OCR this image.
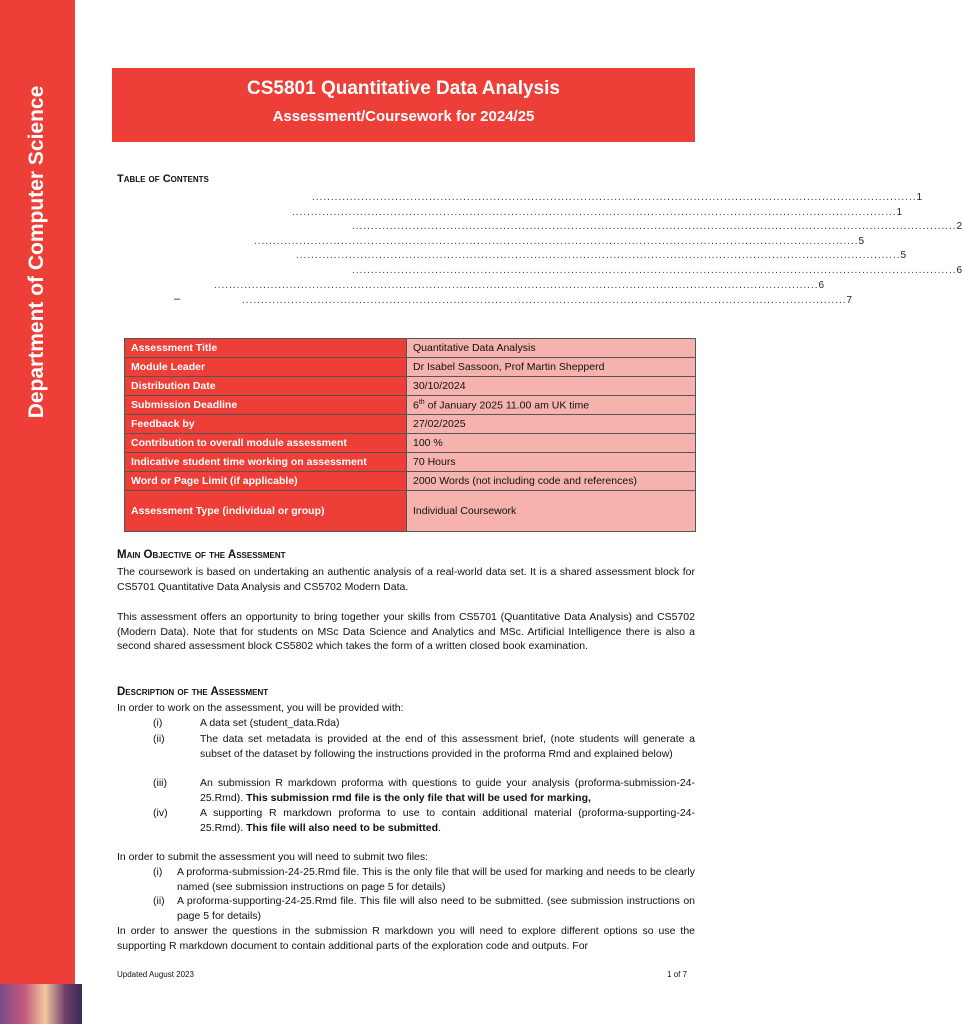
Department of Computer Science	CS5801 Quantitative Data Analysis
Assessment/Coursework for 2024/25
Table of Contents
................................................................................................................................................................ 1
................................................................................................................................................................ 1
................................................................................................................................................................ 2
................................................................................................................................................................ 5
................................................................................................................................................................ 5
................................................................................................................................................................ 6
................................................................................................................................................................ 6
–	................................................................................................................................................................ 7
Assessment Title	Quantitative Data Analysis
Module Leader	Dr Isabel Sassoon, Prof Martin Shepperd
Distribution Date	30/10/2024
Submission Deadline	6th of January 2025 11.00 am UK time
Feedback by	27/02/2025
Contribution to overall module assessment	100 %
Indicative student time working on assessment	70 Hours
Word or Page Limit (if applicable)	2000 Words (not including code and references)
Assessment Type (individual or group)	Individual Coursework
Main Objective of the Assessment
The coursework is based on undertaking an authentic analysis of a real-world data set. It is a shared assessment block for CS5701 Quantitative Data Analysis and CS5702 Modern Data.
This assessment offers an opportunity to bring together your skills from CS5701 (Quantitative Data Analysis) and CS5702 (Modern Data). Note that for students on MSc Data Science and Analytics and MSc. Artificial Intelligence there is also a second shared assessment block CS5802 which takes the form of a written closed book examination.
Description of the Assessment
In order to work on the assessment, you will be provided with:
(i)	A data set (student_data.Rda)
(ii)	The data set metadata is provided at the end of this assessment brief, (note students will generate a subset of the dataset by following the instructions provided in the proforma Rmd and explained below)
(iii)	An submission R markdown proforma with questions to guide your analysis (proforma-submission-24-25.Rmd). This submission rmd file is the only file that will be used for marking,
(iv)	A supporting R markdown proforma to use to contain additional material (proforma-supporting-24-25.Rmd). This file will also need to be submitted.
In order to submit the assessment you will need to submit two files:
(i)	A proforma-submission-24-25.Rmd file. This is the only file that will be used for marking and needs to be clearly named (see submission instructions on page 5 for details)
(ii)	A proforma-supporting-24-25.Rmd file. This file will also need to be submitted. (see submission instructions on page 5 for details)
In order to answer the questions in the submission R markdown you will need to explore different options so use the supporting R markdown document to contain additional parts of the exploration code and outputs. For
Updated August 2023	1 of 7
